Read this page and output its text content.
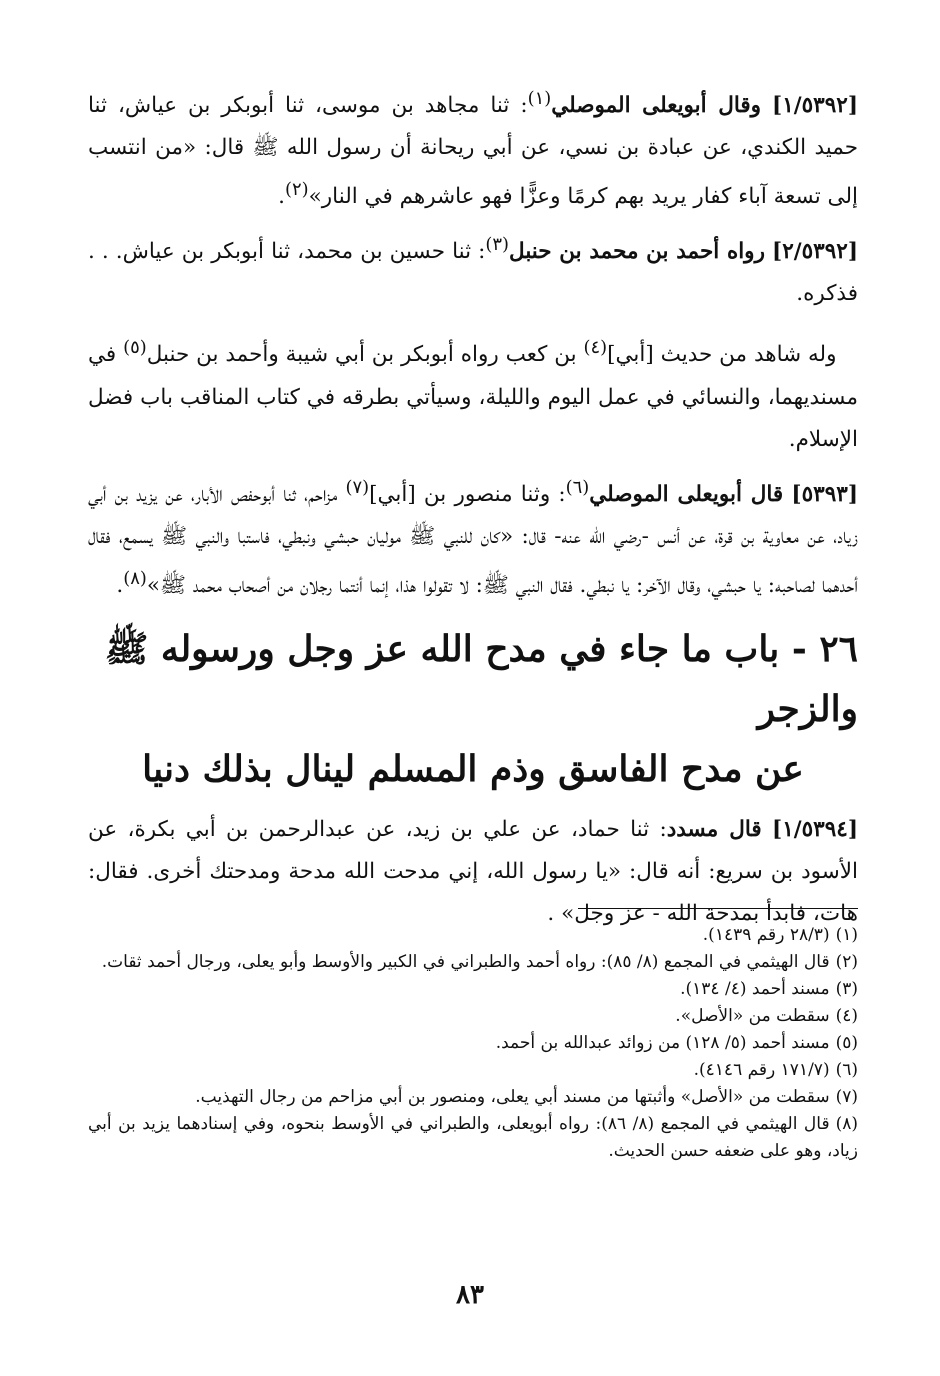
[١/٥٣٩٢] وقال أبويعلى الموصلي$^{(١)}$: ثنا مجاهد بن موسى، ثنا أبوبكر بن عياش، ثنا حميد الكندي، عن عبادة بن نسي، عن أبي ريحانة أن رسول الله ﷺ قال: «من انتسب إلى تسعة آباء كفار يريد بهم كرمًا وعزًّا فهو عاشرهم في النار»$^{(٢)}$.

[٢/٥٣٩٢] رواه أحمد بن محمد بن حنبل$^{(٣)}$: ثنا حسين بن محمد، ثنا أبوبكر بن عياش. . . فذكره.

 وله شاهد من حديث [أبي]$^{(٤)}$ بن كعب رواه أبوبكر بن أبي شيبة وأحمد بن حنبل$^{(٥)}$ في مسنديهما، والنسائي في عمل اليوم والليلة، وسيأتي بطرقه في كتاب المناقب باب فضل الإسلام.

[٥٣٩٣] قال أبويعلى الموصلي$^{(٦)}$: وثنا منصور بن [أبي]$^{(٧)}$ مزاحم، ثنا أبوحفص الأبار، عن يزيد بن أبي زياد، عن معاوية بن قرة، عن أنس -رضي الله عنه- قال: «كان للنبي ﷺ موليان حبشي ونبطي، فاستبا والنبي ﷺ يسمع، فقال أحدهما لصاحبه: يا حبشي، وقال الآخر: يا نبطي. فقال النبي ﷺ: لا تقولوا هذا، إنما أنتما رجلان من أصحاب محمد ﷺ»$^{(٨)}$.

٢٦ - باب ما جاء في مدح الله عز وجل ورسوله ﷺ والزجر
عن مدح الفاسق وذم المسلم لينال بذلك دنيا

[١/٥٣٩٤] قال مسدد: ثنا حماد، عن علي بن زيد، عن عبدالرحمن بن أبي بكرة، عن الأسود بن سريع: أنه قال: «يا رسول الله، إني مدحت الله مدحة ومدحتك أخرى. فقال: هات، فابدأ بمدحة الله - عز وجل» .

(١)(٢٨/٣ رقم ١٤٣٩).

(٢)قال الهيثمي في المجمع (٨/ ٨٥): رواه أحمد والطبراني في الكبير والأوسط وأبو يعلى، ورجال أحمد ثقات.

(٣)مسند أحمد (٤/ ١٣٤).

(٤)سقطت من «الأصل».

(٥)مسند أحمد (٥/ ١٢٨) من زوائد عبدالله بن أحمد.

(٦)(١٧١/٧ رقم ٤١٤٦).

(٧)سقطت من «الأصل» وأثبتها من مسند أبي يعلى، ومنصور بن أبي مزاحم من رجال التهذيب.

(٨)قال الهيثمي في المجمع (٨/ ٨٦): رواه أبويعلى، والطبراني في الأوسط بنحوه، وفي إسنادهما يزيد بن أبي زياد، وهو على ضعفه حسن الحديث.

٨٣
